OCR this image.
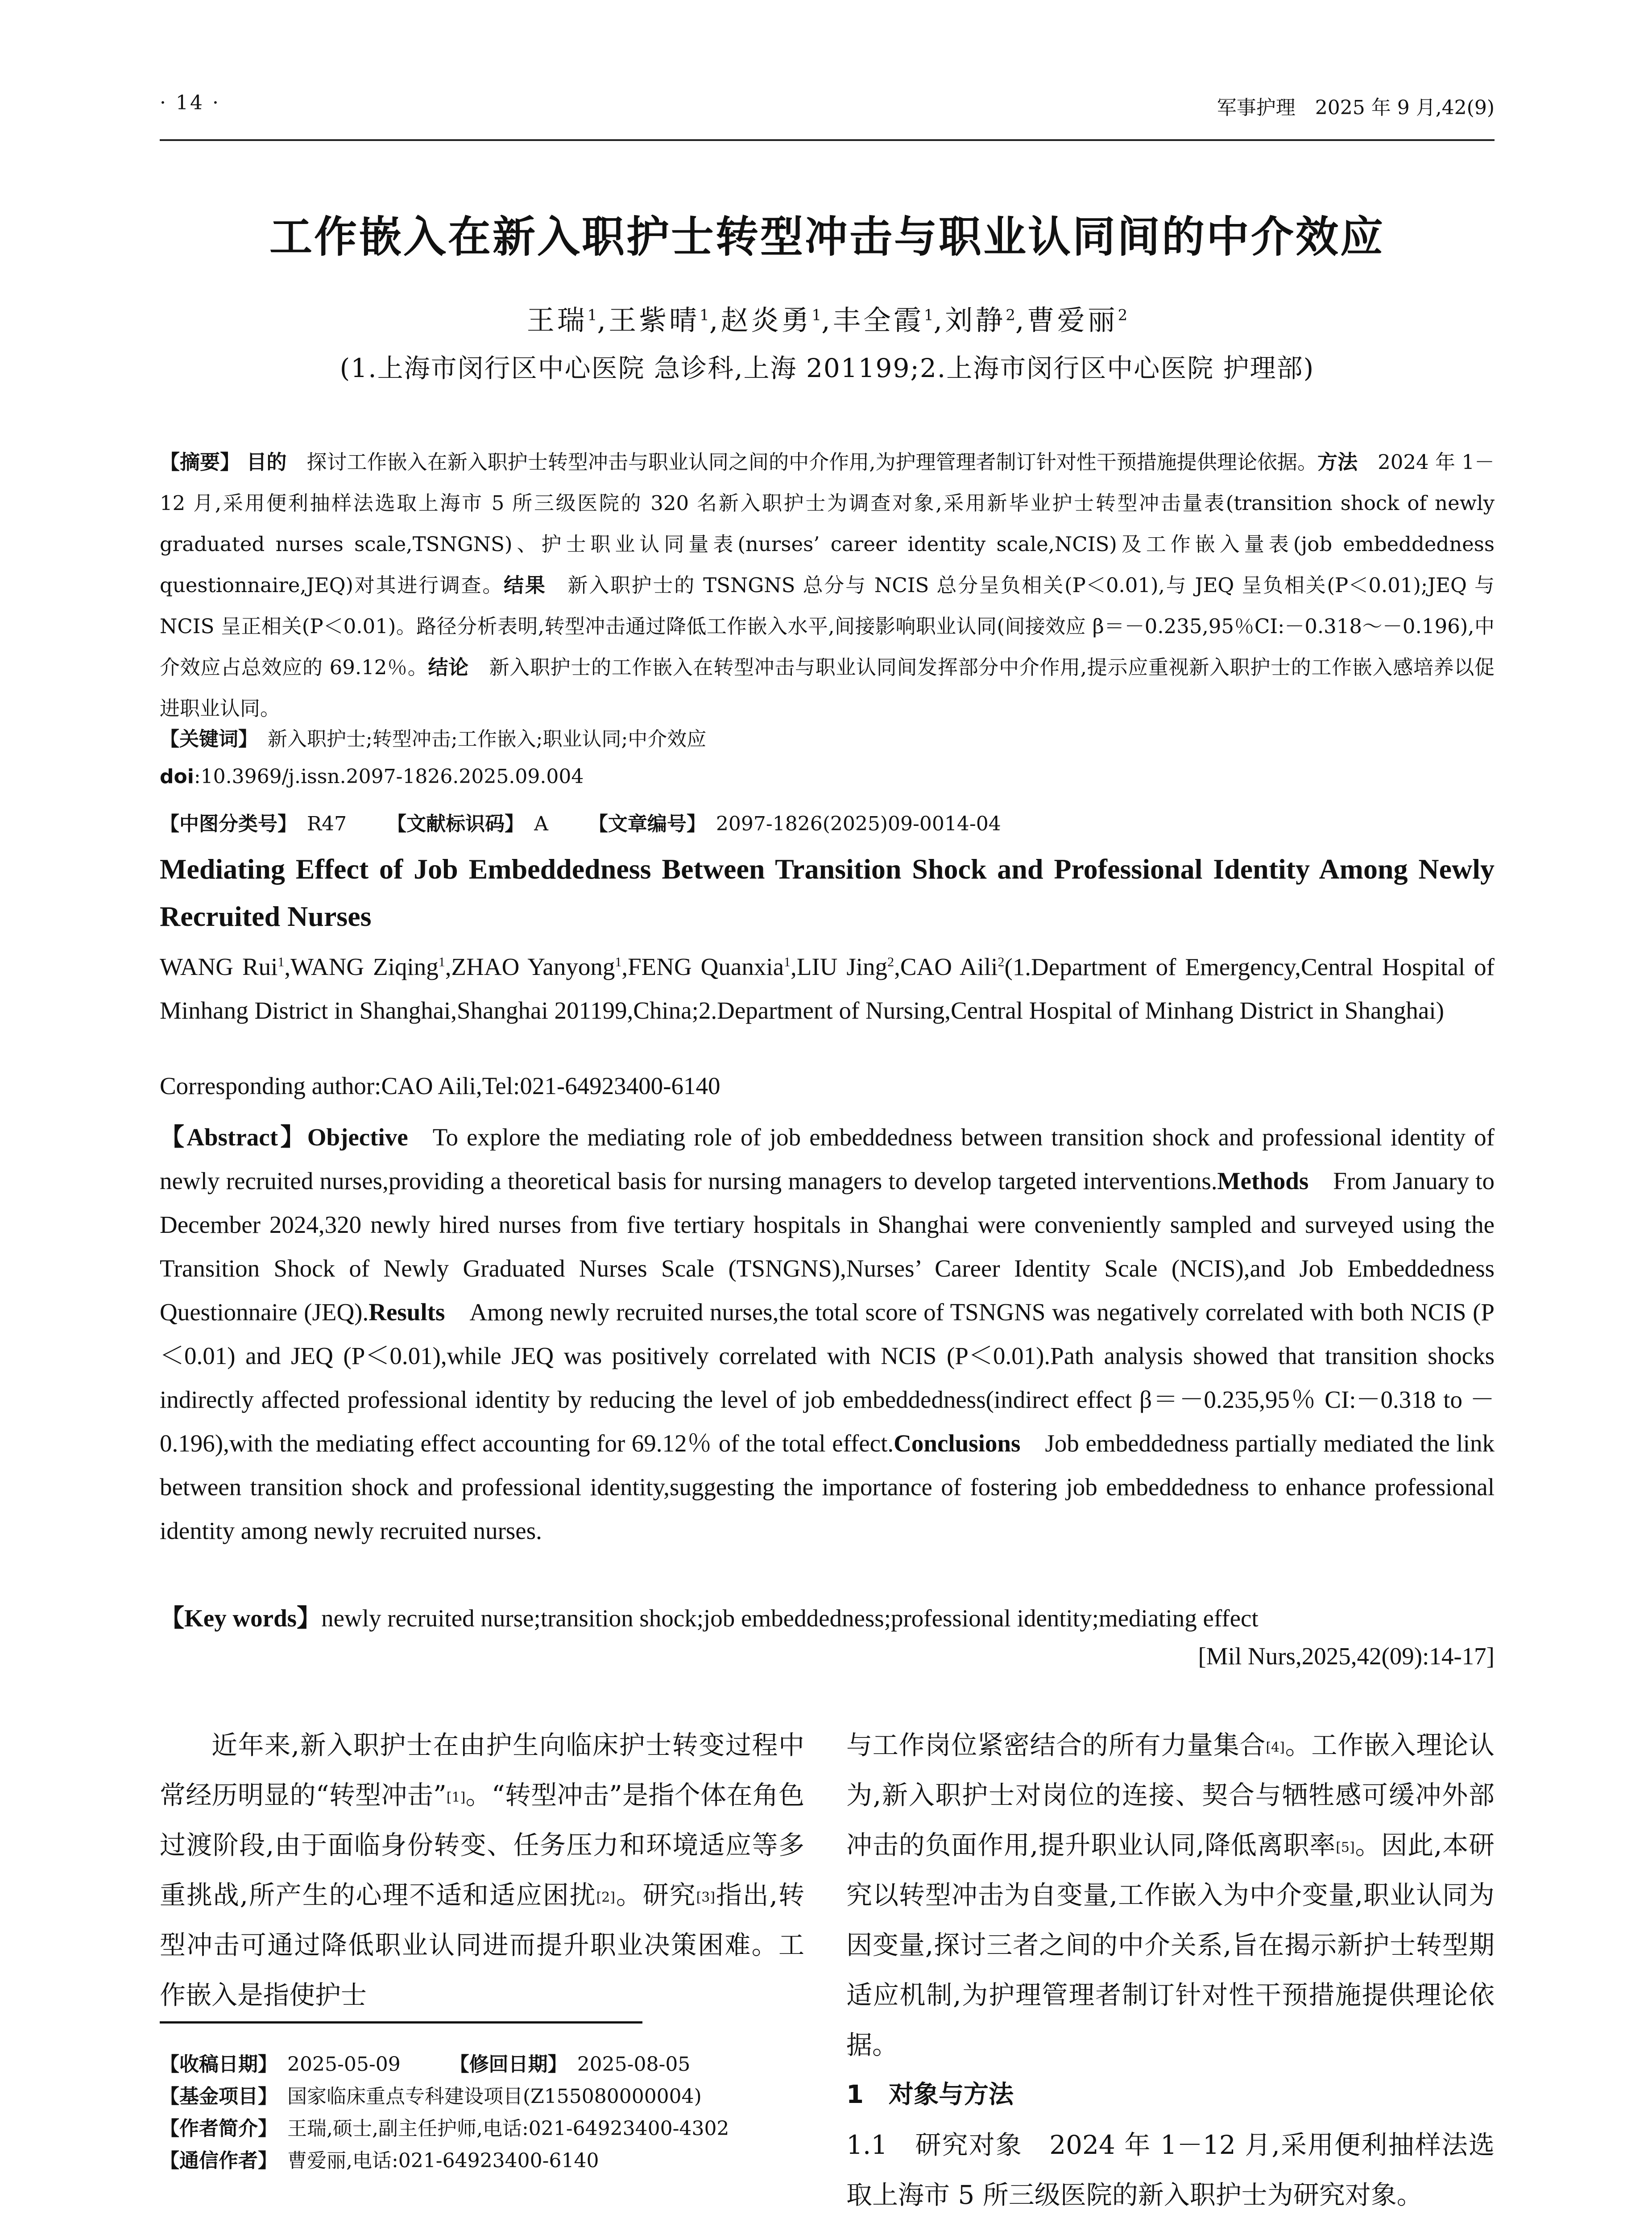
· 14 ·	军事护理　2025 年 9 月,42(9)
工作嵌入在新入职护士转型冲击与职业认同间的中介效应
王瑞$^1$,王紫晴$^1$,赵炎勇$^1$,丰全霞$^1$,刘静$^2$,曹爱丽$^2$
(1.上海市闵行区中心医院 急诊科,上海 201199;2.上海市闵行区中心医院 护理部)
【摘要】 目的　 探讨工作嵌入在新入职护士转型冲击与职业认同之间的中介作用,为护理管理者制订针对性干预措施提供理论依据。方法　 2024 年 1－12 月,采用便利抽样法选取上海市 5 所三级医院的 320 名新入职护士为调查对象,采用新毕业护士转型冲击量表(transition shock of newly graduated nurses scale,TSNGNS)、护士职业认同量表(nurses’ career identity scale,NCIS)及工作嵌入量表(job embeddedness questionnaire,JEQ)对其进行调查。结果　 新入职护士的 TSNGNS 总分与 NCIS 总分呈负相关(P＜0.01),与 JEQ 呈负相关(P＜0.01);JEQ 与 NCIS 呈正相关(P＜0.01)。路径分析表明,转型冲击通过降低工作嵌入水平,间接影响职业认同(间接效应 β＝－0.235,95％CI:－0.318～－0.196),中介效应占总效应的 69.12％。结论　 新入职护士的工作嵌入在转型冲击与职业认同间发挥部分中介作用,提示应重视新入职护士的工作嵌入感培养以促进职业认同。
【关键词】  新入职护士;转型冲击;工作嵌入;职业认同;中介效应
doi:10.3969/j.issn.2097-1826.2025.09.004
【中图分类号】  R47 【文献标识码】  A 【文章编号】  2097-1826(2025)09-0014-04
Mediating Effect of Job Embeddedness Between Transition Shock and Professional Identity Among Newly Recruited Nurses
WANG Rui$^1$,WANG Ziqing$^1$,ZHAO Yanyong$^1$,FENG Quanxia$^1$,LIU Jing$^2$,CAO Aili$^2$(1.Department of Emergency,Central Hospital of Minhang District in Shanghai,Shanghai 201199,China;2.Department of Nursing,Central Hospital of Minhang District in Shanghai)
Corresponding author:CAO Aili,Tel:021-64923400-6140
【Abstract】Objective  To explore the mediating role of job embeddedness between transition shock and professional identity of newly recruited nurses,providing a theoretical basis for nursing managers to develop targeted interventions.Methods  From January to December 2024,320 newly hired nurses from five tertiary hospitals in Shanghai were conveniently sampled and surveyed using the Transition Shock of Newly Graduated Nurses Scale (TSNGNS),Nurses’ Career Identity Scale (NCIS),and Job Embeddedness Questionnaire (JEQ).Results  Among newly recruited nurses,the total score of TSNGNS was negatively correlated with both NCIS (P＜0.01) and JEQ (P＜0.01),while JEQ was positively correlated with NCIS (P＜0.01).Path analysis showed that transition shocks indirectly affected professional identity by reducing the level of job embeddedness(indirect effect β＝－0.235,95％ CI:－0.318 to －0.196),with the mediating effect accounting for 69.12％ of the total effect.Conclusions  Job embeddedness partially mediated the link between transition shock and professional identity,suggesting the importance of fostering job embeddedness to enhance professional identity among newly recruited nurses.
【Key words】newly recruited nurse;transition shock;job embeddedness;professional identity;mediating effect
[Mil Nurs,2025,42(09):14-17]
近年来,新入职护士在由护生向临床护士转变过程中常经历明显的“转型冲击”[1]。“转型冲击”是指个体在角色过渡阶段,由于面临身份转变、任务压力和环境适应等多重挑战,所产生的心理不适和适应困扰[2]。研究[3]指出,转型冲击可通过降低职业认同进而提升职业决策困难。工作嵌入是指使护士
与工作岗位紧密结合的所有力量集合[4]。工作嵌入理论认为,新入职护士对岗位的连接、契合与牺牲感可缓冲外部冲击的负面作用,提升职业认同,降低离职率[5]。因此,本研究以转型冲击为自变量,工作嵌入为中介变量,职业认同为因变量,探讨三者之间的中介关系,旨在揭示新护士转型期适应机制,为护理管理者制订针对性干预措施提供理论依据。
1　对象与方法
1.1　研究对象　 2024 年 1－12 月,采用便利抽样法选取上海市 5 所三级医院的新入职护士为研究对象。
【收稿日期】  2025-05-09	【修回日期】  2025-08-05
【基金项目】  国家临床重点专科建设项目(Z155080000004)
【作者简介】  王瑞,硕士,副主任护师,电话:021-64923400-4302
【通信作者】  曹爱丽,电话:021-64923400-6140
